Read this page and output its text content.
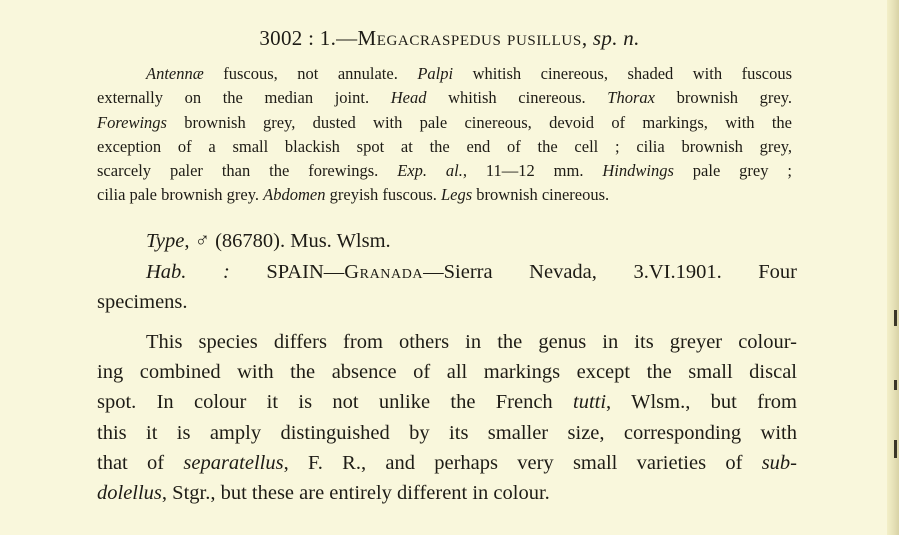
3002 : 1.—Megacraspedus pusillus, sp. n.
Antennæ fuscous, not annulate. Palpi whitish cinereous, shaded with fuscous
externally on the median joint. Head whitish cinereous. Thorax brownish grey.
Forewings brownish grey, dusted with pale cinereous, devoid of markings, with the
exception of a small blackish spot at the end of the cell ; cilia brownish grey,
scarcely paler than the forewings. Exp. al., 11—12 mm. Hindwings pale grey ;
cilia pale brownish grey. Abdomen greyish fuscous. Legs brownish cinereous.
Type, ♂ (86780). Mus. Wlsm.
Hab. : SPAIN—Granada—Sierra Nevada, 3.VI.1901. Four
specimens.
This species differs from others in the genus in its greyer colour-
ing combined with the absence of all markings except the small discal
spot. In colour it is not unlike the French tutti, Wlsm., but from
this it is amply distinguished by its smaller size, corresponding with
that of separatellus, F. R., and perhaps very small varieties of sub-
dolellus, Stgr., but these are entirely different in colour.
